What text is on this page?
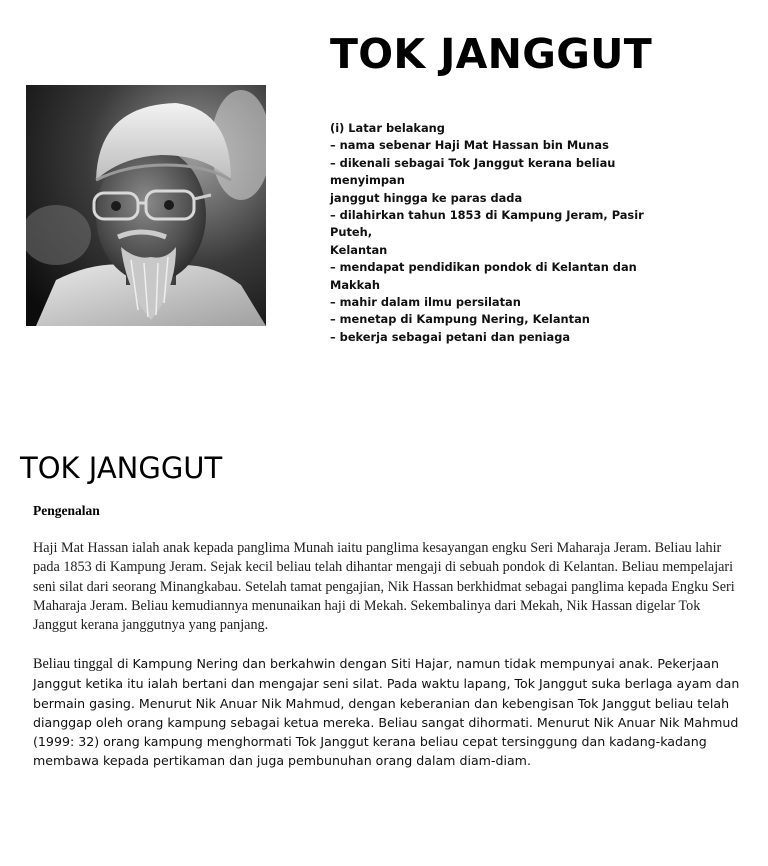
TOK JANGGUT
(i) Latar belakang
– nama sebenar Haji Mat Hassan bin Munas
– dikenali sebagai Tok Janggut kerana beliau menyimpan
janggut hingga ke paras dada
– dilahirkan tahun 1853 di Kampung Jeram, Pasir Puteh,
Kelantan
– mendapat pendidikan pondok di Kelantan dan Makkah
– mahir dalam ilmu persilatan
– menetap di Kampung Nering, Kelantan
– bekerja sebagai petani dan peniaga
TOK JANGGUT
Pengenalan

Haji Mat Hassan ialah anak kepada panglima Munah iaitu panglima kesayangan engku Seri Maharaja Jeram. Beliau lahir pada 1853 di Kampung Jeram. Sejak kecil beliau telah dihantar mengaji di sebuah pondok di Kelantan. Beliau mempelajari seni silat dari seorang Minangkabau. Setelah tamat pengajian, Nik Hassan berkhidmat sebagai panglima kepada Engku Seri Maharaja Jeram. Beliau kemudiannya menunaikan haji di Mekah. Sekembalinya dari Mekah, Nik Hassan digelar Tok Janggut kerana janggutnya yang panjang.

Beliau tinggal di Kampung Nering dan berkahwin dengan Siti Hajar, namun tidak mempunyai anak. Pekerjaan Janggut ketika itu ialah bertani dan mengajar seni silat. Pada waktu lapang, Tok Janggut suka berlaga ayam dan bermain gasing. Menurut Nik Anuar Nik Mahmud, dengan keberanian dan kebengisan Tok Janggut beliau telah dianggap oleh orang kampung sebagai ketua mereka. Beliau sangat dihormati. Menurut Nik Anuar Nik Mahmud (1999: 32) orang kampung menghormati Tok Janggut kerana beliau cepat tersinggung dan kadang-kadang membawa kepada pertikaman dan juga pembunuhan orang dalam diam-diam.
